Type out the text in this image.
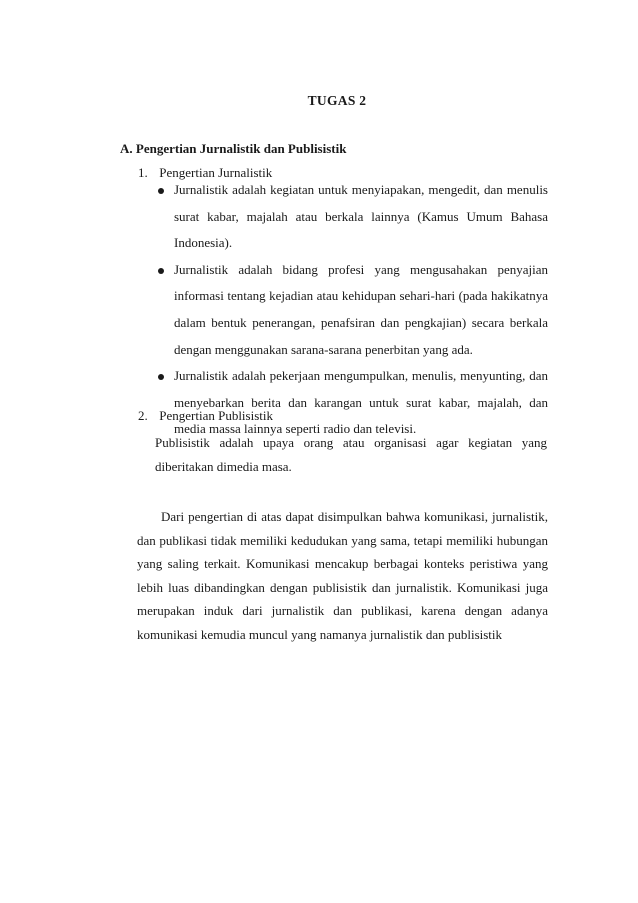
TUGAS 2
A. Pengertian Jurnalistik dan Publisistik
1. Pengertian Jurnalistik
Jurnalistik adalah kegiatan untuk menyiapakan, mengedit, dan menulis surat kabar, majalah atau berkala lainnya (Kamus Umum Bahasa Indonesia).
Jurnalistik adalah bidang profesi yang mengusahakan penyajian informasi tentang kejadian atau kehidupan sehari-hari (pada hakikatnya dalam bentuk penerangan, penafsiran dan pengkajian) secara berkala dengan menggunakan sarana-sarana penerbitan yang ada.
Jurnalistik adalah pekerjaan mengumpulkan, menulis, menyunting, dan menyebarkan berita dan karangan untuk surat kabar, majalah, dan media massa lainnya seperti radio dan televisi.
2. Pengertian Publisistik
Publisistik adalah upaya orang atau organisasi agar kegiatan yang diberitakan dimedia masa.
Dari pengertian di atas dapat disimpulkan bahwa komunikasi, jurnalistik, dan publikasi tidak memiliki kedudukan yang sama, tetapi memiliki hubungan yang saling terkait. Komunikasi mencakup berbagai konteks peristiwa yang lebih luas dibandingkan dengan publisistik dan jurnalistik. Komunikasi juga merupakan induk dari jurnalistik dan publikasi, karena dengan adanya komunikasi kemudia muncul yang namanya jurnalistik dan publisistik
